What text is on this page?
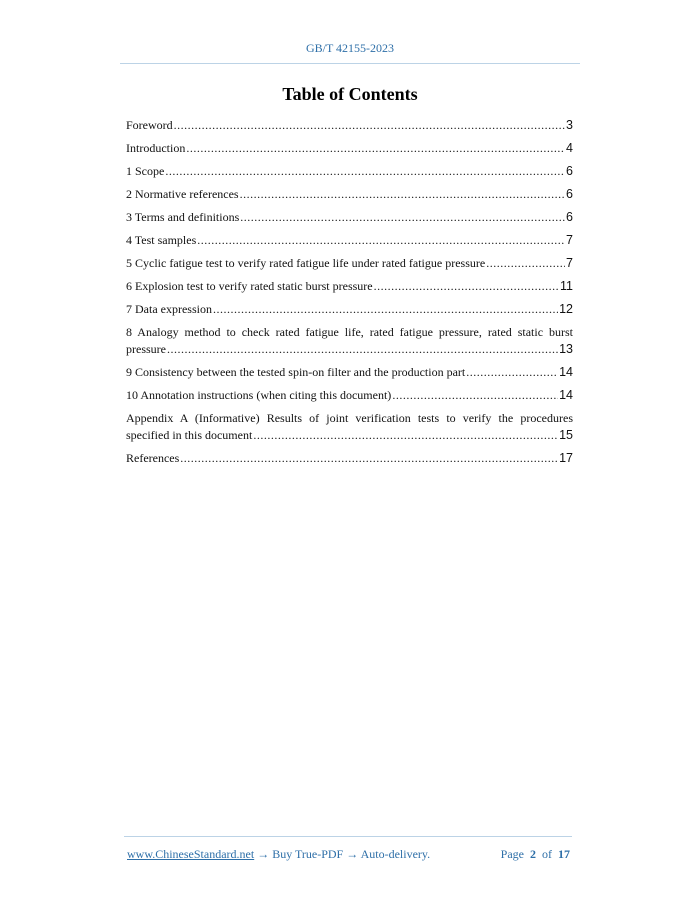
GB/T 42155-2023
Table of Contents
Foreword .....	3
Introduction .....	4
1 Scope .....	6
2 Normative references .....	6
3 Terms and definitions .....	6
4 Test samples .....	7
5 Cyclic fatigue test to verify rated fatigue life under rated fatigue pressure .....	7
6 Explosion test to verify rated static burst pressure .....	11
7 Data expression .....	12
8 Analogy method to check rated fatigue life, rated fatigue pressure, rated static burst
pressure .....	13
9 Consistency between the tested spin-on filter and the production part .....	14
10 Annotation instructions (when citing this document) .....	14
Appendix A (Informative) Results of joint verification tests to verify the procedures
specified in this document .....	15
References .....	17
www.ChineseStandard.net → Buy True-PDF → Auto-delivery.	Page 2 of 17
